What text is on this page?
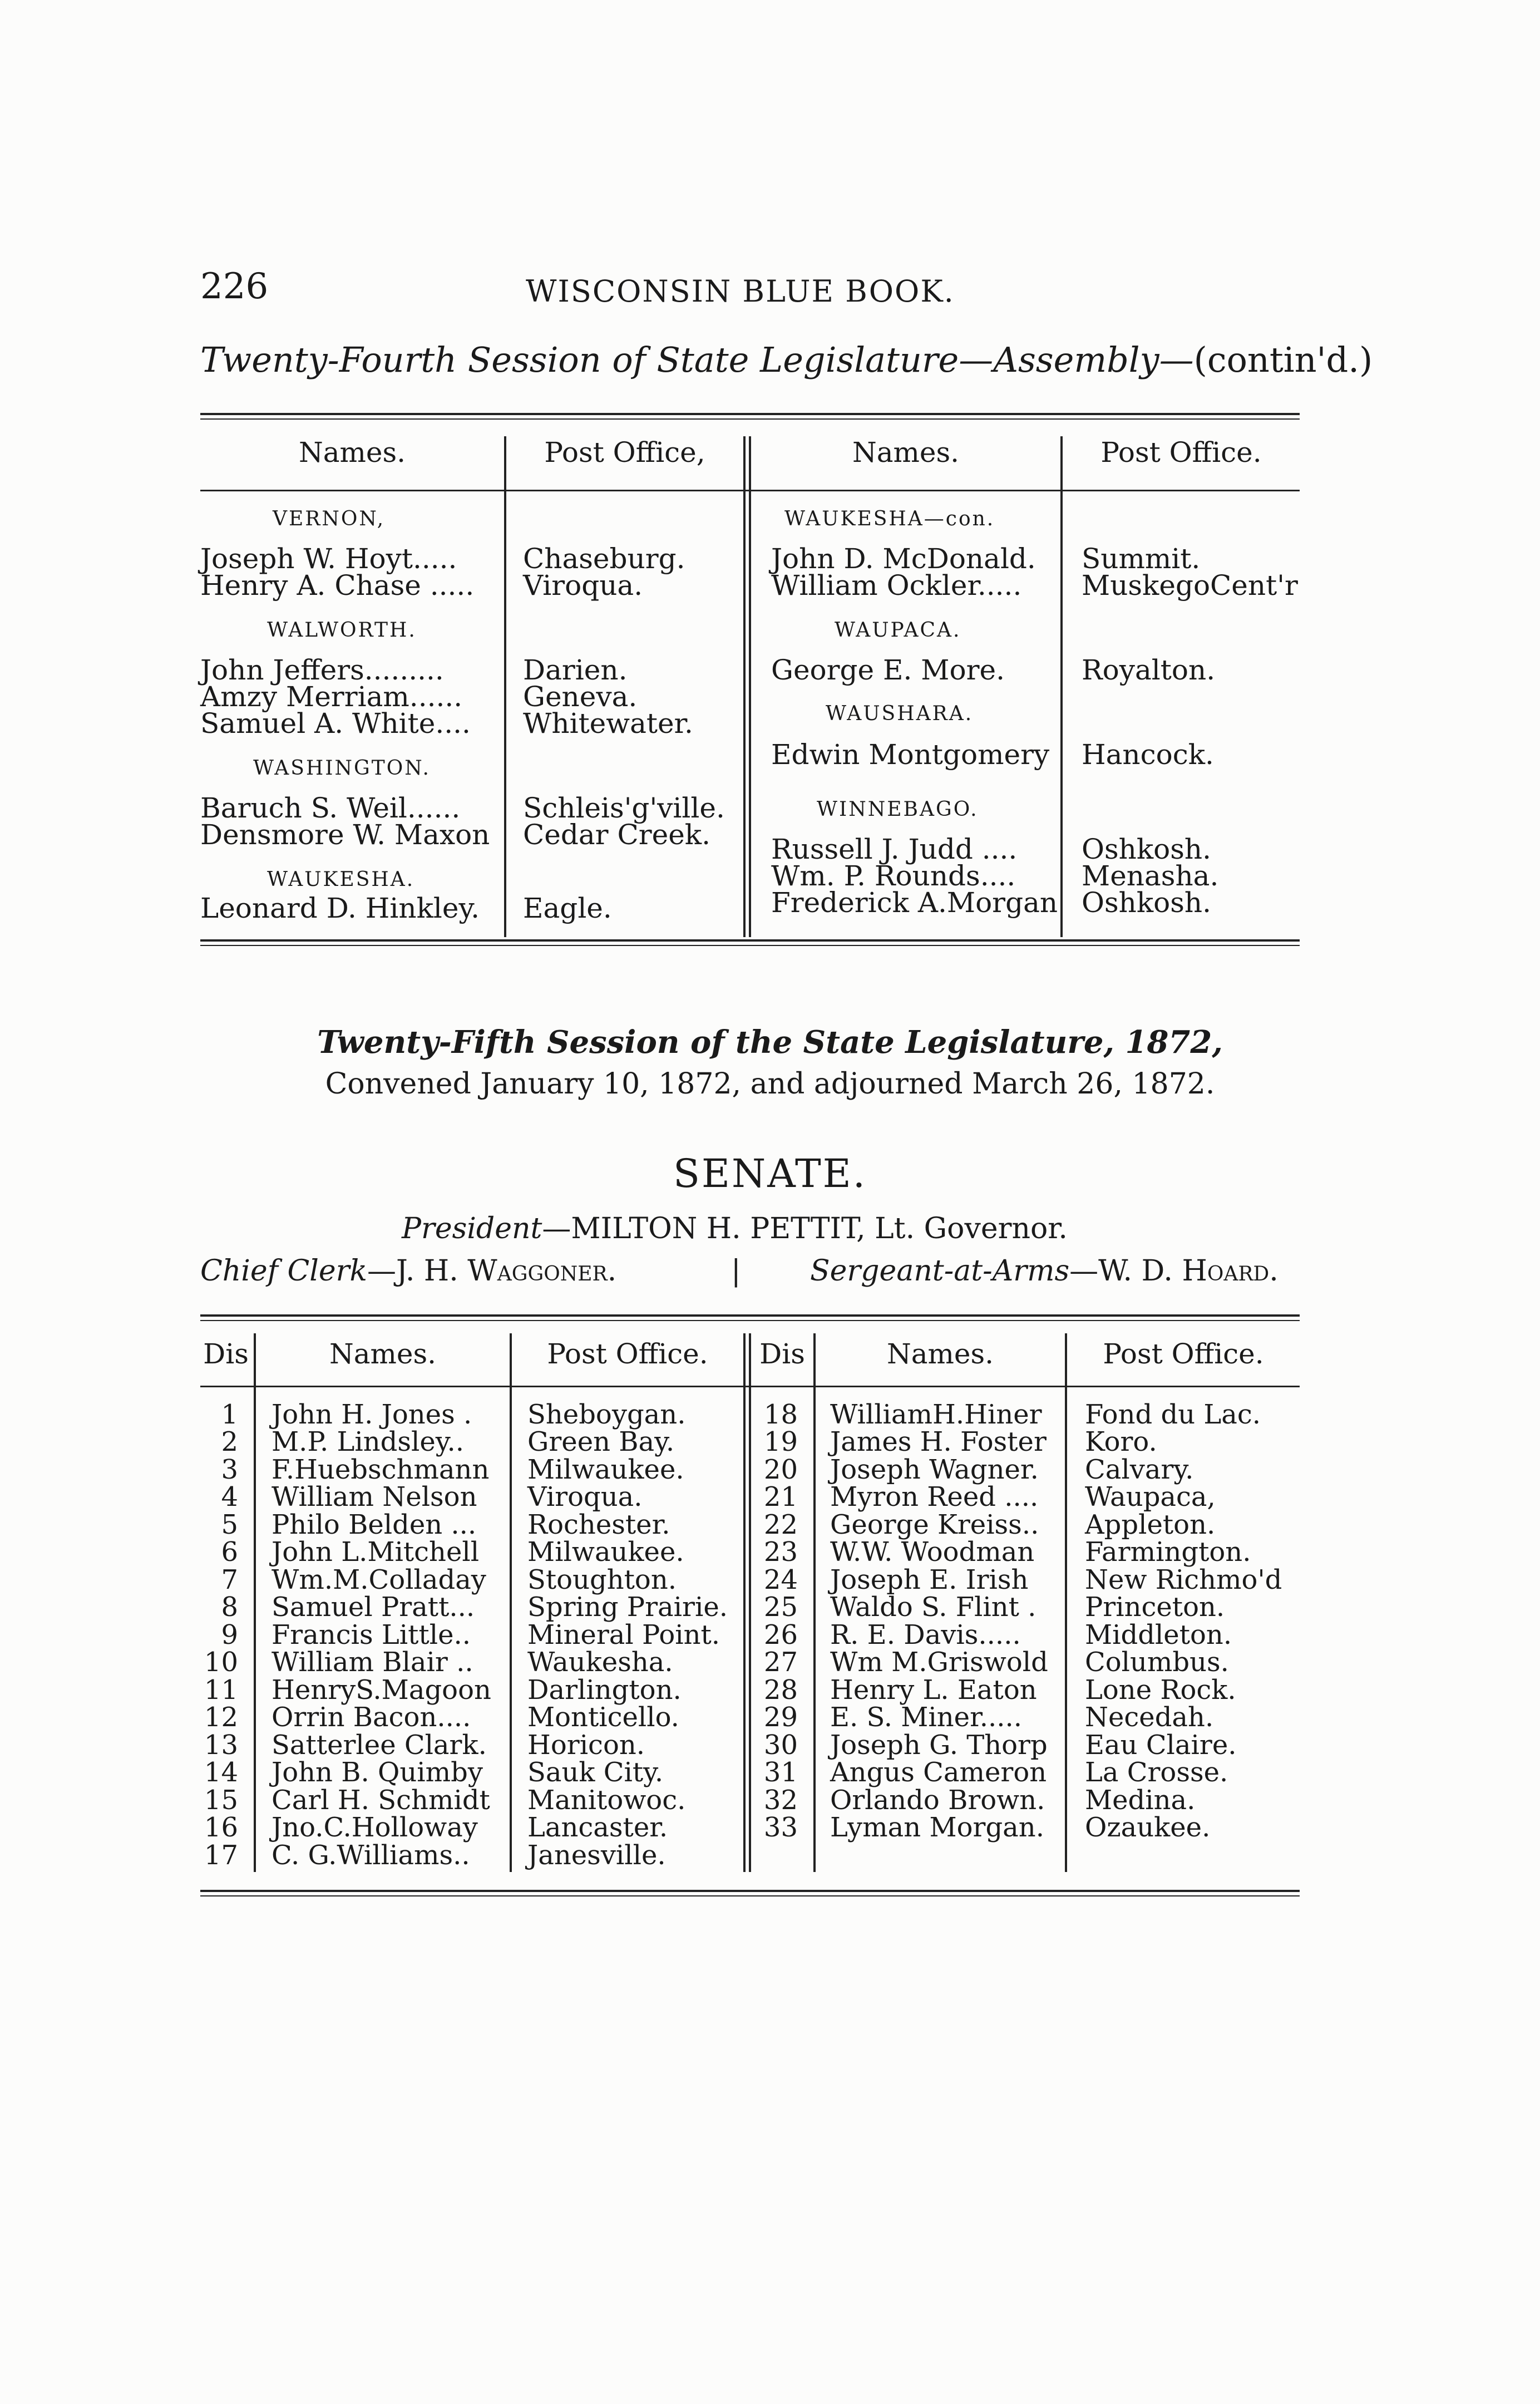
226	WISCONSIN BLUE BOOK.
Twenty-Fourth Session of State Legislature—Assembly—(contin'd.)
Names.	Post Office,	Names.	Post Office.
VERNON,
Joseph W. Hoyt..... Chaseburg.
Henry A. Chase ..... Viroqua.
WALWORTH.
John Jeffers.........	Darien.
Amzy Merriam...... Geneva.
Samuel A. White.... Whitewater.
WASHINGTON.
Baruch S. Weil...... Schleis'g'ville.
Densmore W. Maxon Cedar Creek.
WAUKESHA.
Leonard D. Hinkley. Eagle.
WAUKESHA—con.
John D. McDonald. Summit.
William Ockler..... MuskegoCent'r
WAUPACA.
George E. More.	Royalton.
WAUSHARA.
Edwin Montgomery Hancock.
WINNEBAGO.
Russell J. Judd .... Oshkosh.
Wm. P. Rounds.... Menasha.
Frederick A.Morgan Oshkosh.
Twenty-Fifth Session of the State Legislature, 1872,
Convened January 10, 1872, and adjourned March 26, 1872.
SENATE.
President—MILTON H. PETTIT, Lt. Governor.
Chief Clerk—J. H. Waggoner.	| Sergeant-at-Arms—W. D. Hoard.
Dis	Names.	Post Office.	Dis	Names.	Post Office.
1 John H. Jones . Sheboygan.
2 M.P. Lindsley.. Green Bay.
3 F.Huebschmann Milwaukee.
4 William Nelson Viroqua.
5 Philo Belden ... Rochester.
6 John L.Mitchell Milwaukee.
7 Wm.M.Colladay Stoughton.
8 Samuel Pratt... Spring Prairie.
9 Francis Little.. Mineral Point.
10 William Blair .. Waukesha.
11 HenryS.Magoon Darlington.
12 Orrin Bacon.... Monticello.
13 Satterlee Clark. Horicon.
14 John B. Quimby Sauk City.
15 Carl H. Schmidt Manitowoc.
16 Jno.C.Holloway Lancaster.
17 C. G.Williams.. Janesville.
18 WilliamH.Hiner Fond du Lac.
19 James H. Foster Koro.
20 Joseph Wagner. Calvary.
21 Myron Reed .... Waupaca,
22 George Kreiss.. Appleton.
23 W.W. Woodman Farmington.
24 Joseph E. Irish New Richmo'd
25 Waldo S. Flint . Princeton.
26 R. E. Davis..... Middleton.
27 Wm M.Griswold Columbus.
28 Henry L. Eaton Lone Rock.
29 E. S. Miner..... Necedah.
30 Joseph G. Thorp Eau Claire.
31 Angus Cameron La Crosse.
32 Orlando Brown. Medina.
33 Lyman Morgan. Ozaukee.
